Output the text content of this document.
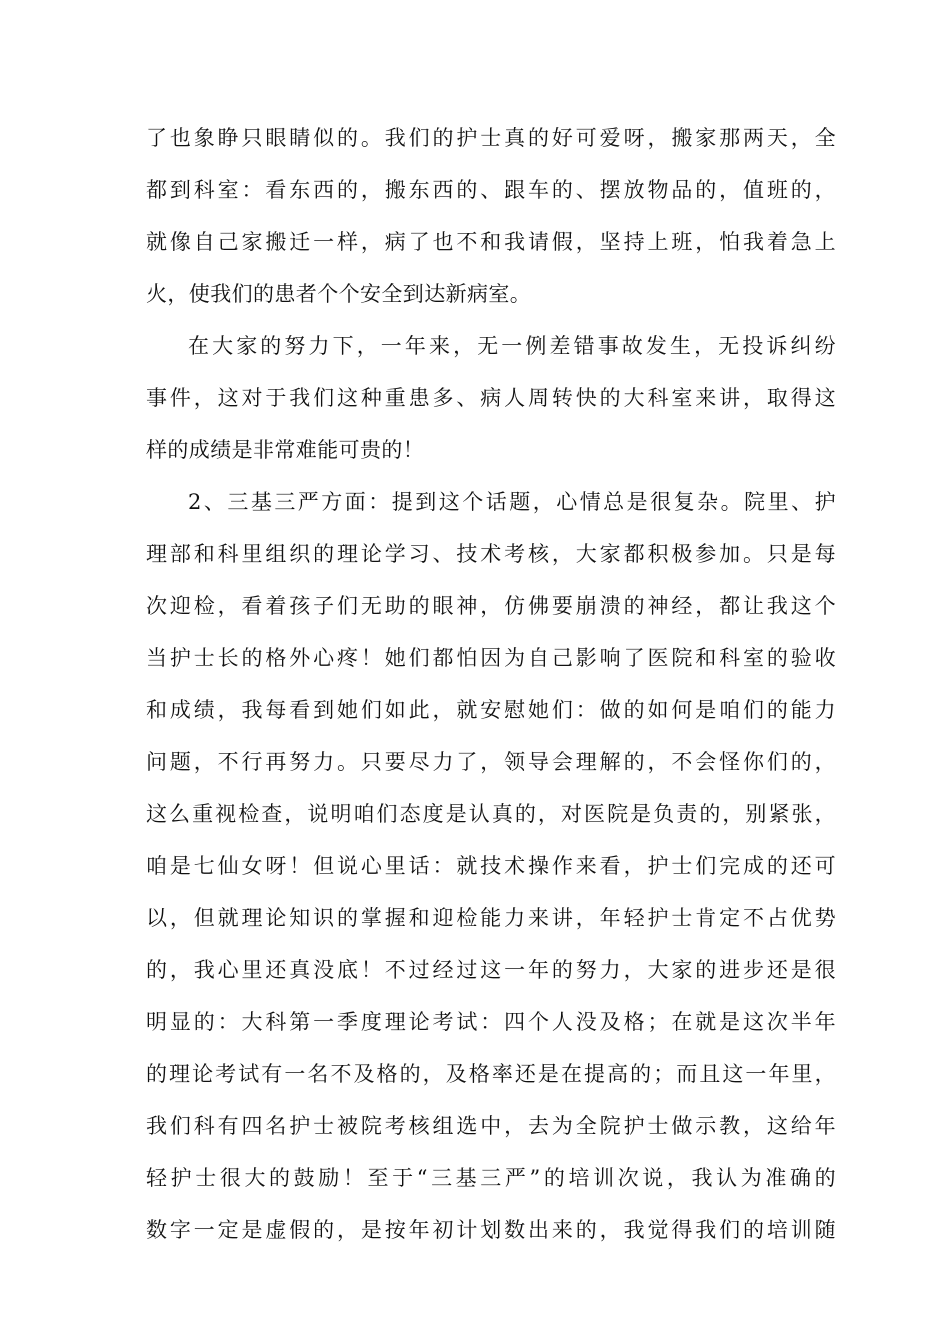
了也象睁只眼睛似的。我们的护士真的好可爱呀，搬家那两天，全
都到科室：看东西的，搬东西的、跟车的、摆放物品的，值班的，
就像自己家搬迁一样，病了也不和我请假，坚持上班，怕我着急上
火，使我们的患者个个安全到达新病室。
在大家的努力下，一年来，无一例差错事故发生，无投诉纠纷
事件，这对于我们这种重患多、病人周转快的大科室来讲，取得这
样的成绩是非常难能可贵的！
2、三基三严方面：提到这个话题，心情总是很复杂。院里、护
理部和科里组织的理论学习、技术考核，大家都积极参加。只是每
次迎检，看着孩子们无助的眼神，仿佛要崩溃的神经，都让我这个
当护士长的格外心疼！她们都怕因为自己影响了医院和科室的验收
和成绩，我每看到她们如此，就安慰她们：做的如何是咱们的能力
问题，不行再努力。只要尽力了，领导会理解的，不会怪你们的，
这么重视检查，说明咱们态度是认真的，对医院是负责的，别紧张，
咱是七仙女呀！但说心里话：就技术操作来看，护士们完成的还可
以，但就理论知识的掌握和迎检能力来讲，年轻护士肯定不占优势
的，我心里还真没底！不过经过这一年的努力，大家的进步还是很
明显的：大科第一季度理论考试：四个人没及格；在就是这次半年
的理论考试有一名不及格的，及格率还是在提高的；而且这一年里，
我们科有四名护士被院考核组选中，去为全院护士做示教，这给年
轻护士很大的鼓励！至于“三基三严”的培训次说，我认为准确的
数字一定是虚假的，是按年初计划数出来的，我觉得我们的培训随
